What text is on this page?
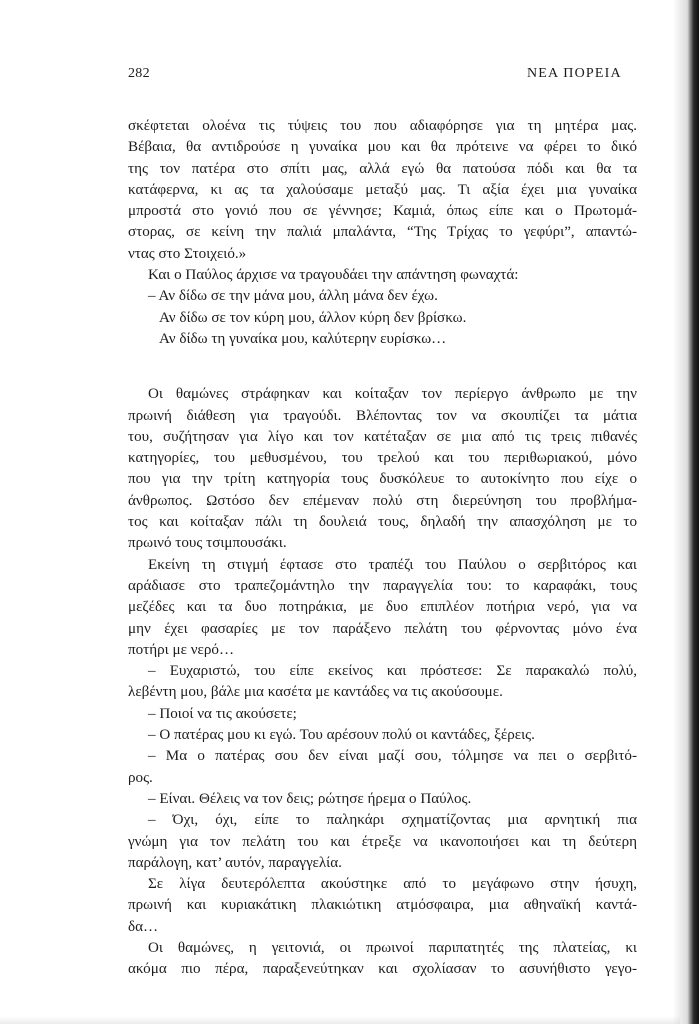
282	ΝΕΑ ΠΟΡΕΙΑ
σκέφτεται ολοένα τις τύψεις του που αδιαφόρησε για τη μητέρα μας.
Βέβαια, θα αντιδρούσε η γυναίκα μου και θα πρότεινε να φέρει το δικό
της τον πατέρα στο σπίτι μας, αλλά εγώ θα πατούσα πόδι και θα τα
κατάφερνα, κι ας τα χαλούσαμε μεταξύ μας. Τι αξία έχει μια γυναίκα
μπροστά στο γονιό που σε γέννησε; Καμιά, όπως είπε και ο Πρωτομά-
στορας, σε κείνη την παλιά μπαλάντα, “Της Τρίχας το γεφύρι”, απαντώ-
ντας στο Στοιχειό.»
Και ο Παύλος άρχισε να τραγουδάει την απάντηση φωναχτά:
– Αν δίδω σε την μάνα μου, άλλη μάνα δεν έχω.
Αν δίδω σε τον κύρη μου, άλλον κύρη δεν βρίσκω.
Αν δίδω τη γυναίκα μου, καλύτερην ευρίσκω…
Οι θαμώνες στράφηκαν και κοίταξαν τον περίεργο άνθρωπο με την
πρωινή διάθεση για τραγούδι. Βλέποντας τον να σκουπίζει τα μάτια
του, συζήτησαν για λίγο και τον κατέταξαν σε μια από τις τρεις πιθανές
κατηγορίες, του μεθυσμένου, του τρελού και του περιθωριακού, μόνο
που για την τρίτη κατηγορία τους δυσκόλευε το αυτοκίνητο που είχε ο
άνθρωπος. Ωστόσο δεν επέμεναν πολύ στη διερεύνηση του προβλήμα-
τος και κοίταξαν πάλι τη δουλειά τους, δηλαδή την απασχόληση με το
πρωινό τους τσιμπουσάκι.
Εκείνη τη στιγμή έφτασε στο τραπέζι του Παύλου ο σερβιτόρος και
αράδιασε στο τραπεζομάντηλο την παραγγελία του: το καραφάκι, τους
μεζέδες και τα δυο ποτηράκια, με δυο επιπλέον ποτήρια νερό, για να
μην έχει φασαρίες με τον παράξενο πελάτη του φέρνοντας μόνο ένα
ποτήρι με νερό…
– Ευχαριστώ, του είπε εκείνος και πρόστεσε: Σε παρακαλώ πολύ,
λεβέντη μου, βάλε μια κασέτα με καντάδες να τις ακούσουμε.
– Ποιοί να τις ακούσετε;
– Ο πατέρας μου κι εγώ. Του αρέσουν πολύ οι καντάδες, ξέρεις.
– Μα ο πατέρας σου δεν είναι μαζί σου, τόλμησε να πει ο σερβιτό-
ρος.
– Είναι. Θέλεις να τον δεις; ρώτησε ήρεμα ο Παύλος.
– Όχι, όχι, είπε το παληκάρι σχηματίζοντας μια αρνητική πια
γνώμη για τον πελάτη του και έτρεξε να ικανοποιήσει και τη δεύτερη
παράλογη, κατ’ αυτόν, παραγγελία.
Σε λίγα δευτερόλεπτα ακούστηκε από το μεγάφωνο στην ήσυχη,
πρωινή και κυριακάτικη πλακιώτικη ατμόσφαιρα, μια αθηναϊκή καντά-
δα…
Οι θαμώνες, η γειτονιά, οι πρωινοί παριπατητές της πλατείας, κι
ακόμα πιο πέρα, παραξενεύτηκαν και σχολίασαν το ασυνήθιστο γεγο-
